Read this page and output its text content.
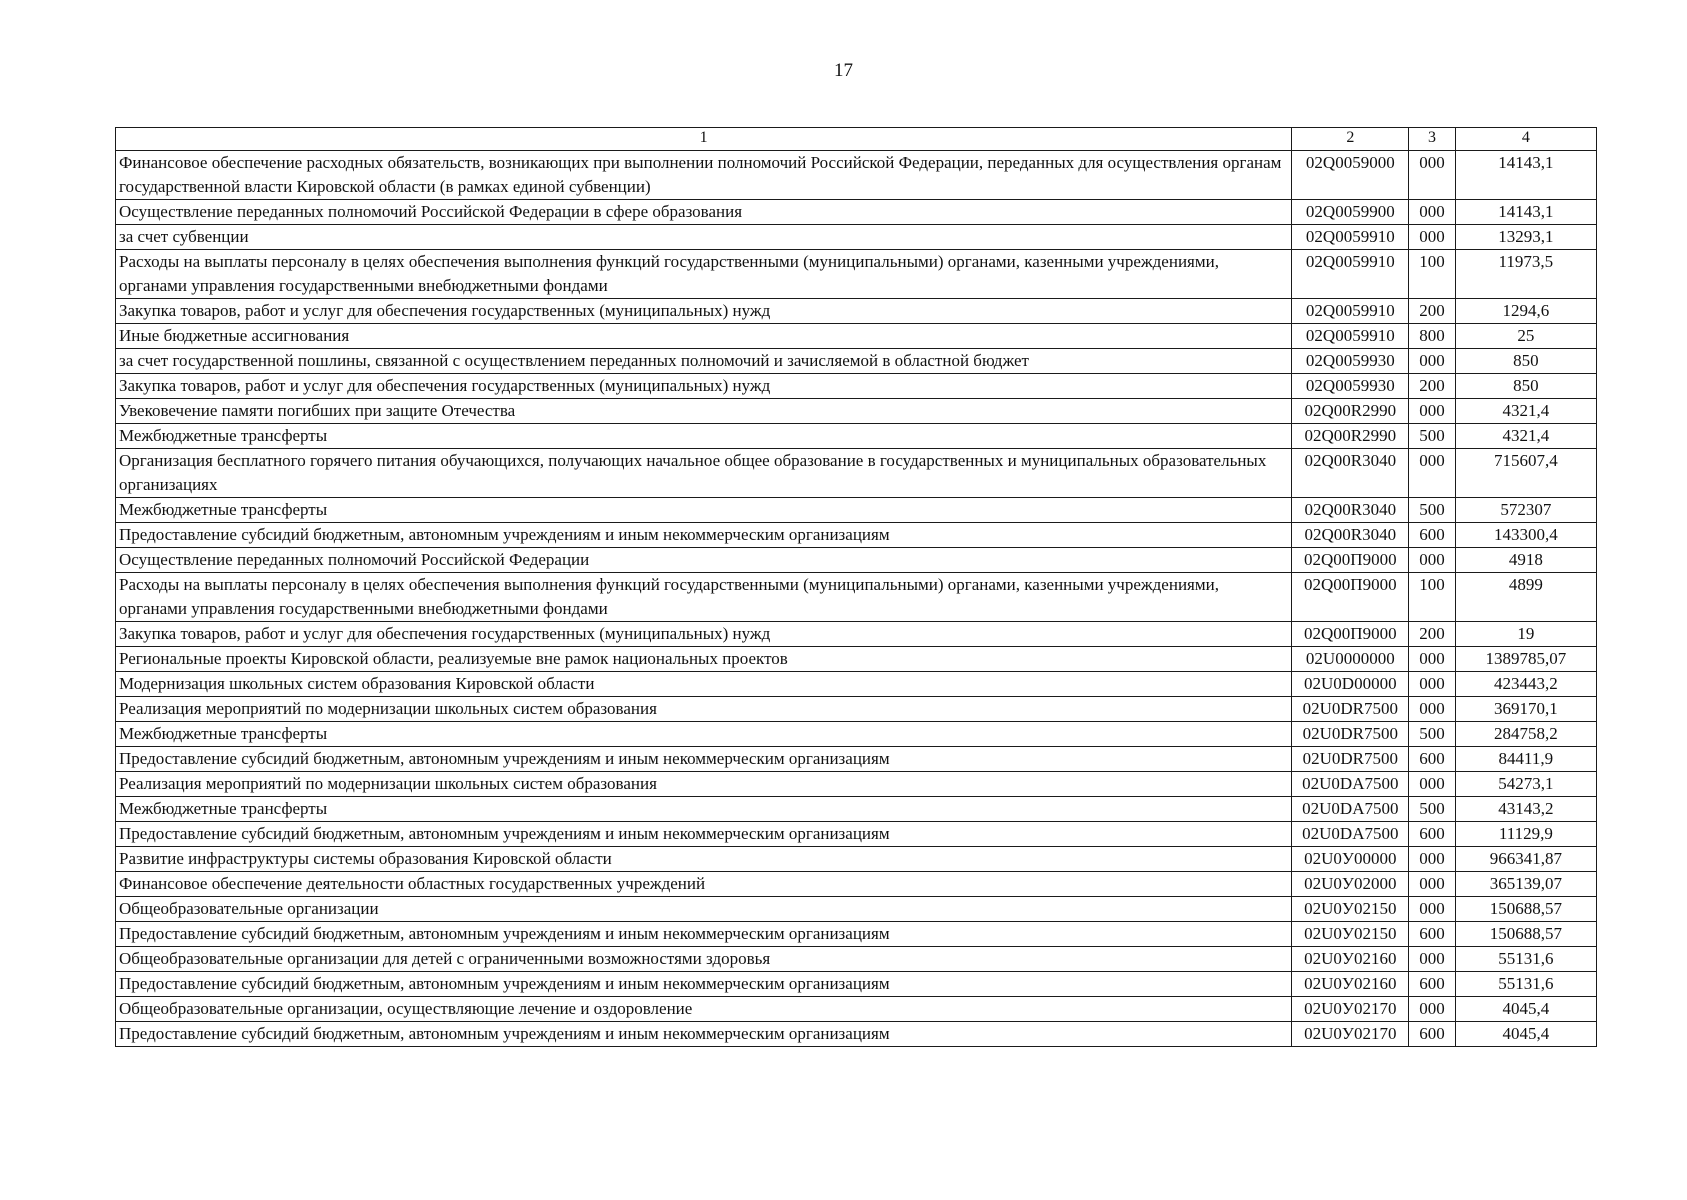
17
1	2	3	4
Финансовое обеспечение расходных обязательств, возникающих при выполнении полномочий Российской Федерации, переданных для осуществления органам государственной власти Кировской области (в рамках единой субвенции)	02Q0059000	000	14143,1
Осуществление переданных полномочий Российской Федерации в сфере образования	02Q0059900	000	14143,1
за счет субвенции	02Q0059910	000	13293,1
Расходы на выплаты персоналу в целях обеспечения выполнения функций государственными (муниципальными) органами, казенными учреждениями, органами управления государственными внебюджетными фондами	02Q0059910	100	11973,5
Закупка товаров, работ и услуг для обеспечения государственных (муниципальных) нужд	02Q0059910	200	1294,6
Иные бюджетные ассигнования	02Q0059910	800	25
за счет государственной пошлины, связанной с осуществлением переданных полномочий и зачисляемой в областной бюджет	02Q0059930	000	850
Закупка товаров, работ и услуг для обеспечения государственных (муниципальных) нужд	02Q0059930	200	850
Увековечение памяти погибших при защите Отечества	02Q00R2990	000	4321,4
Межбюджетные трансферты	02Q00R2990	500	4321,4
Организация бесплатного горячего питания обучающихся, получающих начальное общее образование в государственных и муниципальных образовательных организациях	02Q00R3040	000	715607,4
Межбюджетные трансферты	02Q00R3040	500	572307
Предоставление субсидий бюджетным, автономным учреждениям и иным некоммерческим организациям	02Q00R3040	600	143300,4
Осуществление переданных полномочий Российской Федерации	02Q00П9000	000	4918
Расходы на выплаты персоналу в целях обеспечения выполнения функций государственными (муниципальными) органами, казенными учреждениями, органами управления государственными внебюджетными фондами	02Q00П9000	100	4899
Закупка товаров, работ и услуг для обеспечения государственных (муниципальных) нужд	02Q00П9000	200	19
Региональные проекты Кировской области, реализуемые вне рамок национальных проектов	02U0000000	000	1389785,07
Модернизация школьных систем образования Кировской области	02U0D00000	000	423443,2
Реализация мероприятий по модернизации школьных систем образования	02U0DR7500	000	369170,1
Межбюджетные трансферты	02U0DR7500	500	284758,2
Предоставление субсидий бюджетным, автономным учреждениям и иным некоммерческим организациям	02U0DR7500	600	84411,9
Реализация мероприятий по модернизации школьных систем образования	02U0DA7500	000	54273,1
Межбюджетные трансферты	02U0DA7500	500	43143,2
Предоставление субсидий бюджетным, автономным учреждениям и иным некоммерческим организациям	02U0DA7500	600	11129,9
Развитие инфраструктуры системы образования Кировской области	02U0У00000	000	966341,87
Финансовое обеспечение деятельности областных государственных учреждений	02U0У02000	000	365139,07
Общеобразовательные организации	02U0У02150	000	150688,57
Предоставление субсидий бюджетным, автономным учреждениям и иным некоммерческим организациям	02U0У02150	600	150688,57
Общеобразовательные организации для детей с ограниченными возможностями здоровья	02U0У02160	000	55131,6
Предоставление субсидий бюджетным, автономным учреждениям и иным некоммерческим организациям	02U0У02160	600	55131,6
Общеобразовательные организации, осуществляющие лечение и оздоровление	02U0У02170	000	4045,4
Предоставление субсидий бюджетным, автономным учреждениям и иным некоммерческим организациям	02U0У02170	600	4045,4
